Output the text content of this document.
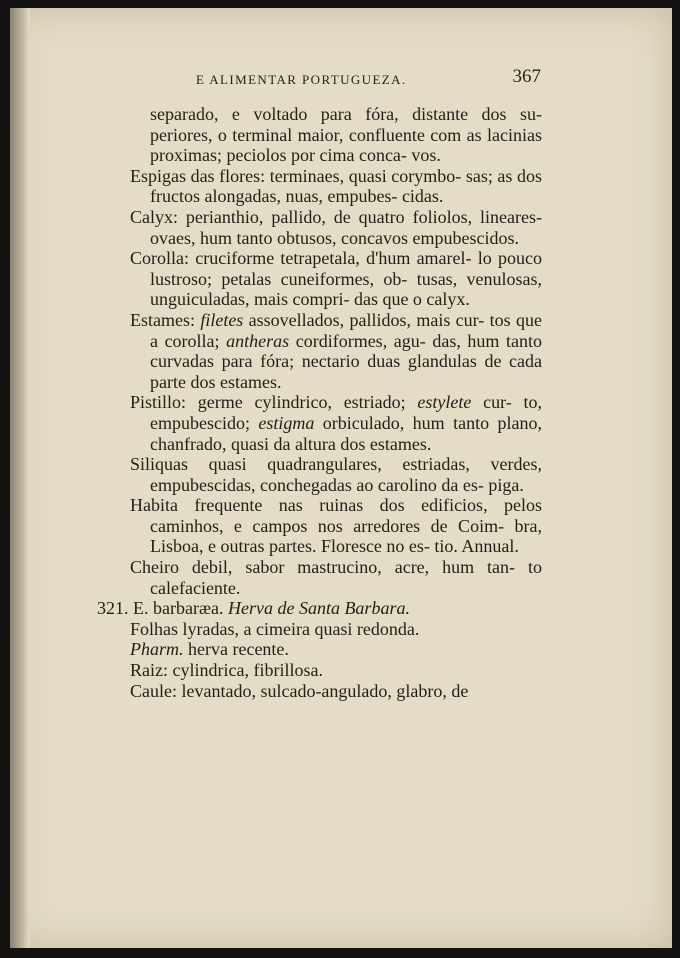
E ALIMENTAR PORTUGUEZA.	367

separado, e voltado para fóra, distante dos su- periores, o terminal maior, confluente com as lacinias proximas; peciolos por cima conca- vos.

Espigas das flores: terminaes, quasi corymbo- sas; as dos fructos alongadas, nuas, empubes- cidas.

Calyx: perianthio, pallido, de quatro foliolos, lineares-ovaes, hum tanto obtusos, concavos empubescidos.

Corolla: cruciforme tetrapetala, d'hum amarel- lo pouco lustroso; petalas cuneiformes, ob- tusas, venulosas, unguiculadas, mais compri- das que o calyx.

Estames: filetes assovellados, pallidos, mais cur- tos que a corolla; antheras cordiformes, agu- das, hum tanto curvadas para fóra; nectario duas glandulas de cada parte dos estames.

Pistillo: germe cylindrico, estriado; estylete cur- to, empubescido; estigma orbiculado, hum tanto plano, chanfrado, quasi da altura dos estames.

Siliquas quasi quadrangulares, estriadas, verdes, empubescidas, conchegadas ao carolino da es- piga.

Habita frequente nas ruinas dos edificios, pelos caminhos, e campos nos arredores de Coim- bra, Lisboa, e outras partes. Floresce no es- tio. Annual.

Cheiro debil, sabor mastrucino, acre, hum tan- to calefaciente.

321. E. barbaræa. Herva de Santa Barbara.

Folhas lyradas, a cimeira quasi redonda.

Pharm. herva recente.

Raiz: cylindrica, fibrillosa.

Caule: levantado, sulcado-angulado, glabro, de
